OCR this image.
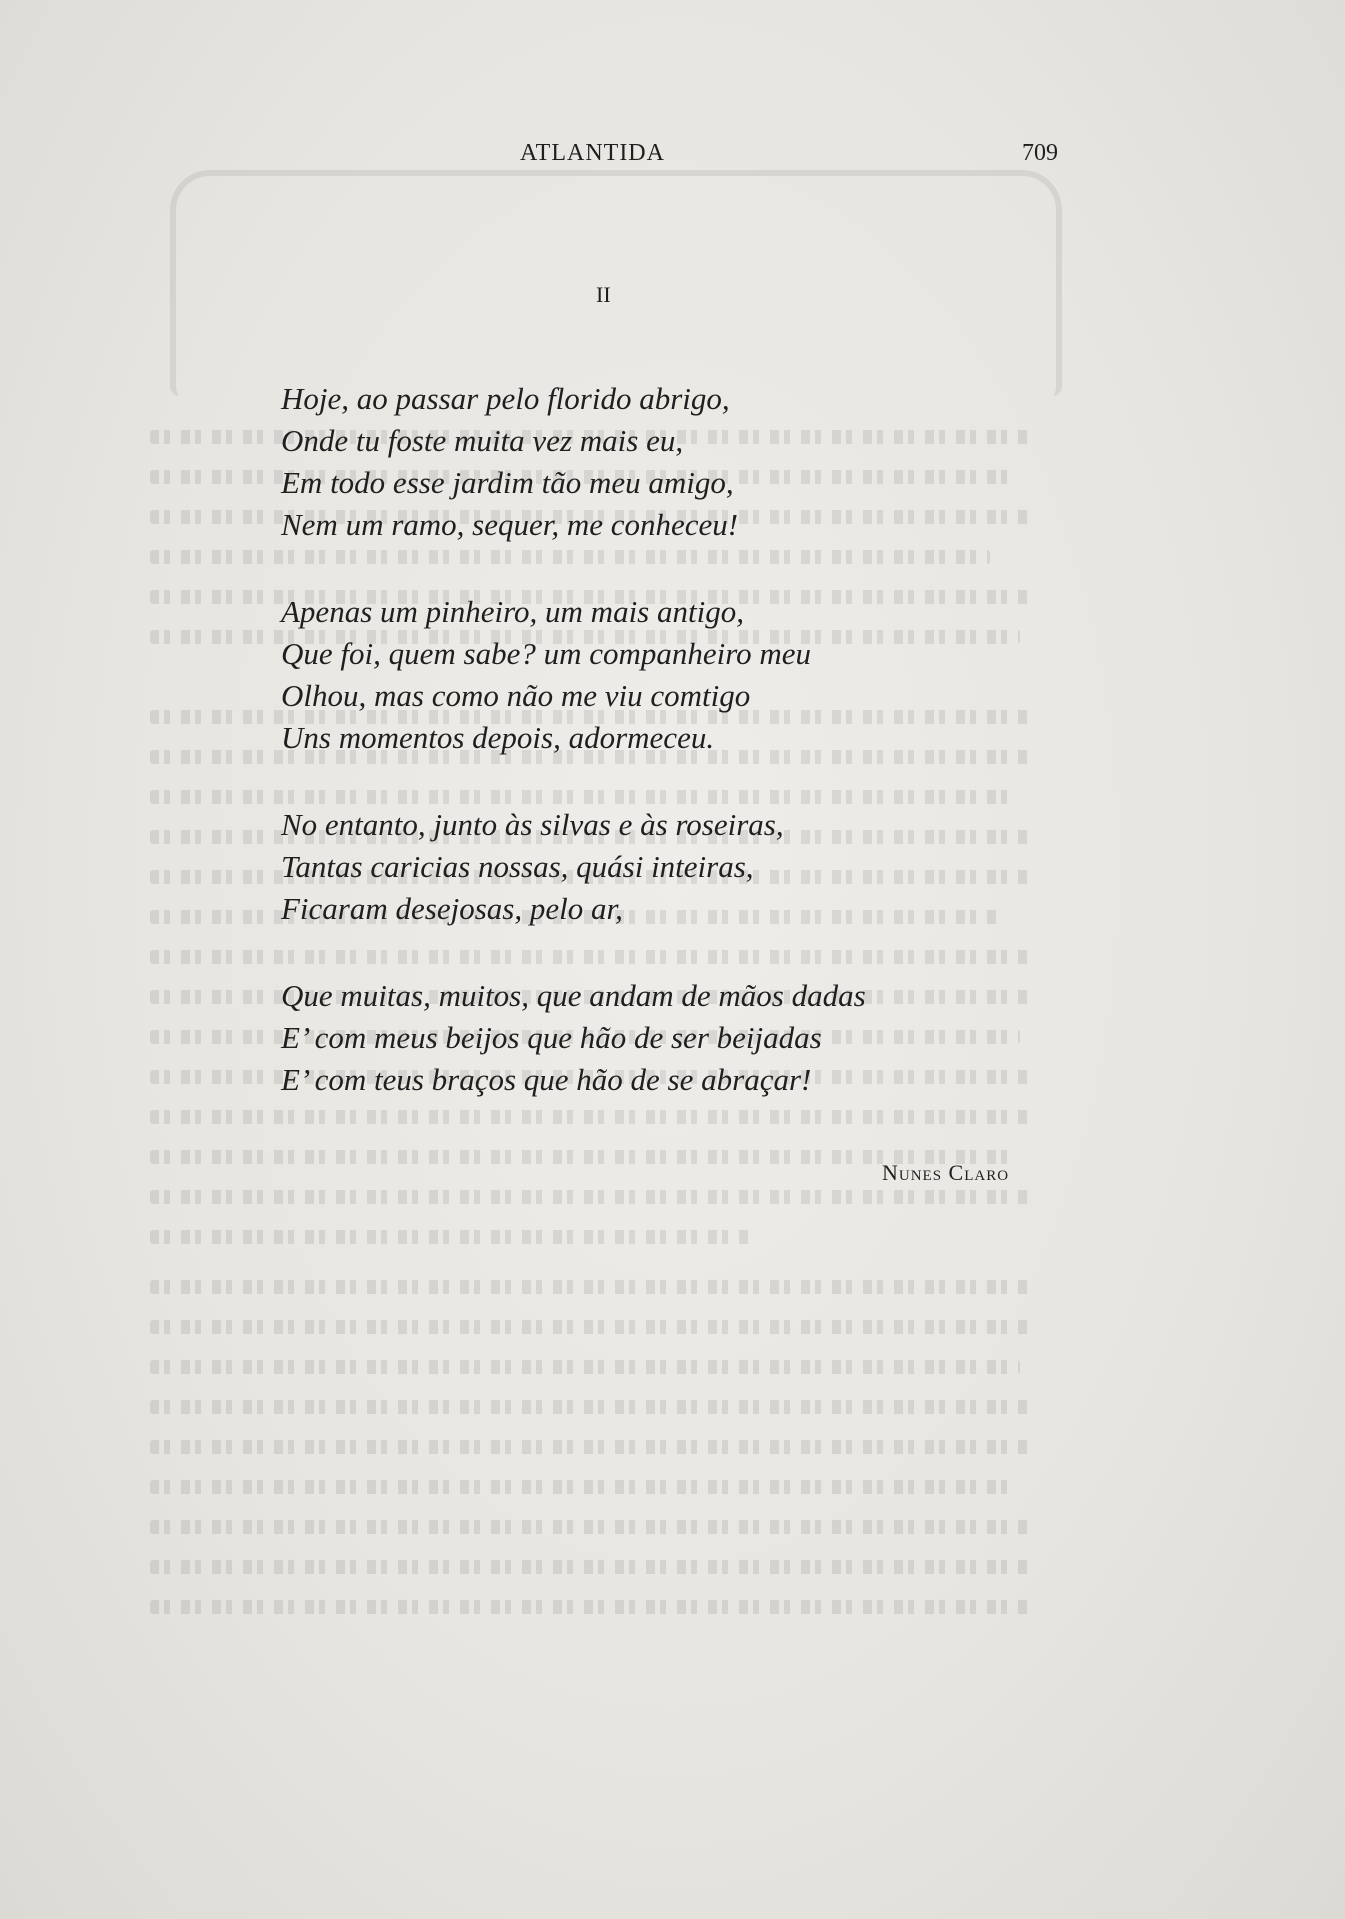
ATLANTIDA	709
II
Hoje, ao passar pelo florido abrigo,
Onde tu foste muita vez mais eu,
Em todo esse jardim tão meu amigo,
Nem um ramo, sequer, me conheceu!
Apenas um pinheiro, um mais antigo,
Que foi, quem sabe? um companheiro meu
Olhou, mas como não me viu comtigo
Uns momentos depois, adormeceu.
No entanto, junto às silvas e às roseiras,
Tantas caricias nossas, quási inteiras,
Ficaram desejosas, pelo ar,
Que muitas, muitos, que andam de mãos dadas
E’ com meus beijos que hão de ser beijadas
E’ com teus braços que hão de se abraçar!
Nunes Claro
